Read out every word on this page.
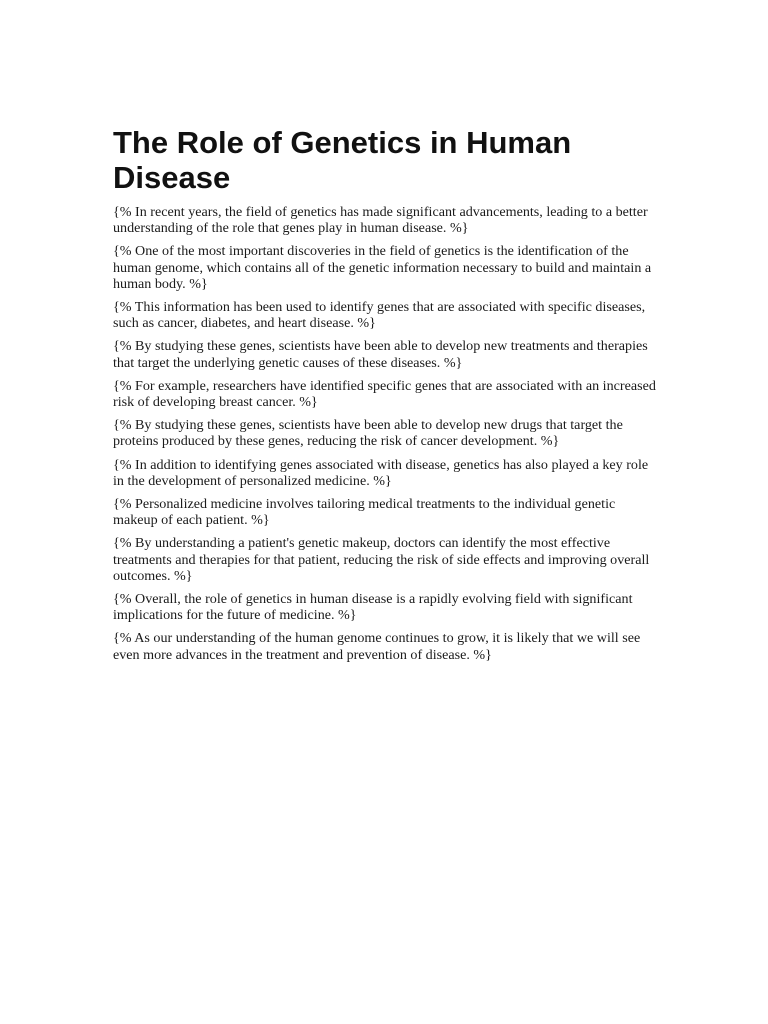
The Role of Genetics in Human Disease

{% In recent years, the field of genetics has made significant advancements, leading to a better understanding of the role that genes play in human disease. %}

{% One of the most important discoveries in the field of genetics is the identification of the human genome, which contains all of the genetic information necessary to build and maintain a human body. %}

{% This information has been used to identify genes that are associated with specific diseases, such as cancer, diabetes, and heart disease. %}

{% By studying these genes, scientists have been able to develop new treatments and therapies that target the underlying genetic causes of these diseases. %}

{% For example, researchers have identified specific genes that are associated with an increased risk of developing breast cancer. %}

{% By studying these genes, scientists have been able to develop new drugs that target the proteins produced by these genes, reducing the risk of cancer development. %}

{% In addition to identifying genes associated with disease, genetics has also played a key role in the development of personalized medicine. %}

{% Personalized medicine involves tailoring medical treatments to the individual genetic makeup of each patient. %}

{% By understanding a patient's genetic makeup, doctors can identify the most effective treatments and therapies for that patient, reducing the risk of side effects and improving overall outcomes. %}

{% Overall, the role of genetics in human disease is a rapidly evolving field with significant implications for the future of medicine. %}

{% As our understanding of the human genome continues to grow, it is likely that we will see even more advances in the treatment and prevention of disease. %}
